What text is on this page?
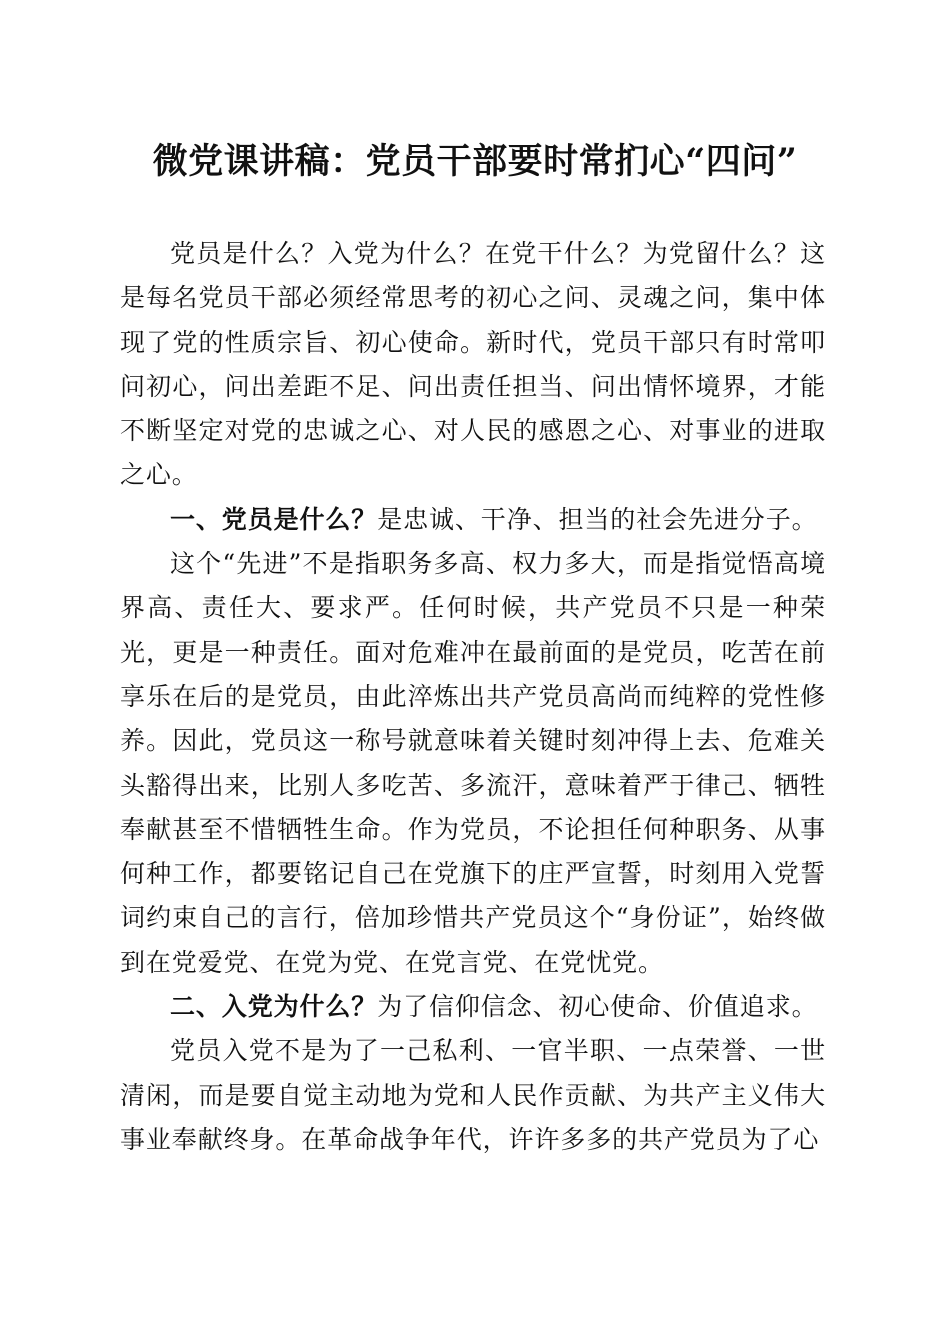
微党课讲稿：党员干部要时常扪心“四问”

党员是什么？入党为什么？在党干什么？为党留什么？这是每名党员干部必须经常思考的初心之问、灵魂之问，集中体现了党的性质宗旨、初心使命。新时代，党员干部只有时常叩问初心，问出差距不足、问出责任担当、问出情怀境界，才能不断坚定对党的忠诚之心、对人民的感恩之心、对事业的进取之心。

一、党员是什么？是忠诚、干净、担当的社会先进分子。

这个“先进”不是指职务多高、权力多大，而是指觉悟高境界高、责任大、要求严。任何时候，共产党员不只是一种荣光，更是一种责任。面对危难冲在最前面的是党员，吃苦在前享乐在后的是党员，由此淬炼出共产党员高尚而纯粹的党性修养。因此，党员这一称号就意味着关键时刻冲得上去、危难关头豁得出来，比别人多吃苦、多流汗，意味着严于律己、牺牲奉献甚至不惜牺牲生命。作为党员，不论担任何种职务、从事何种工作，都要铭记自己在党旗下的庄严宣誓，时刻用入党誓词约束自己的言行，倍加珍惜共产党员这个“身份证”，始终做到在党爱党、在党为党、在党言党、在党忧党。

二、入党为什么？为了信仰信念、初心使命、价值追求。

党员入党不是为了一己私利、一官半职、一点荣誉、一世清闲，而是要自觉主动地为党和人民作贡献、为共产主义伟大事业奉献终身。在革命战争年代，许许多多的共产党员为了心
